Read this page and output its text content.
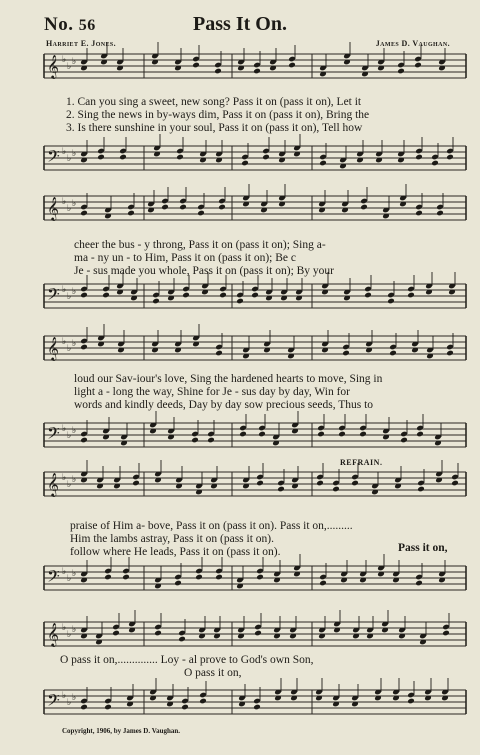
No. 56	Pass It On.
Harriet E. Jones.	James D. Vaughan.
𝄞 ♭
♭ ♭
1. Can you sing a sweet, new song? Pass it on (pass it on), Let it
2. Sing the news in by-ways dim, Pass it on (pass it on), Bring the
3. Is there sunshine in your soul, Pass it on (pass it on), Tell how
𝄢 ♭
♭ ♭
𝄞 ♭
♭ ♭
cheer the bus - y throng, Pass it on (pass it on); Sing a-
ma - ny un - to Him, Pass it on (pass it on); Be c
Je - sus made you whole, Pass it on (pass it on); By your
𝄢 ♭
♭ ♭
𝄞 ♭
♭ ♭
loud our Sav-iour's love, Sing the hardened hearts to move, Sing in
light a - long the way, Shine for Je - sus day by day, Win for
words and kindly deeds, Day by day sow precious seeds, Thus to
𝄢 ♭
♭ ♭
REFRAIN.
𝄞 ♭
♭ ♭
praise of Him a- bove, Pass it on (pass it on). Pass it on,.........
Him the lambs astray, Pass it on (pass it on).
follow where He leads, Pass it on (pass it on).	Pass it on,
𝄢 ♭
♭ ♭
𝄞 ♭
♭ ♭
O pass it on,.............. Loy - al prove to God's own Son,
O pass it on,
𝄢 ♭
♭ ♭
Copyright, 1906, by James D. Vaughan.
